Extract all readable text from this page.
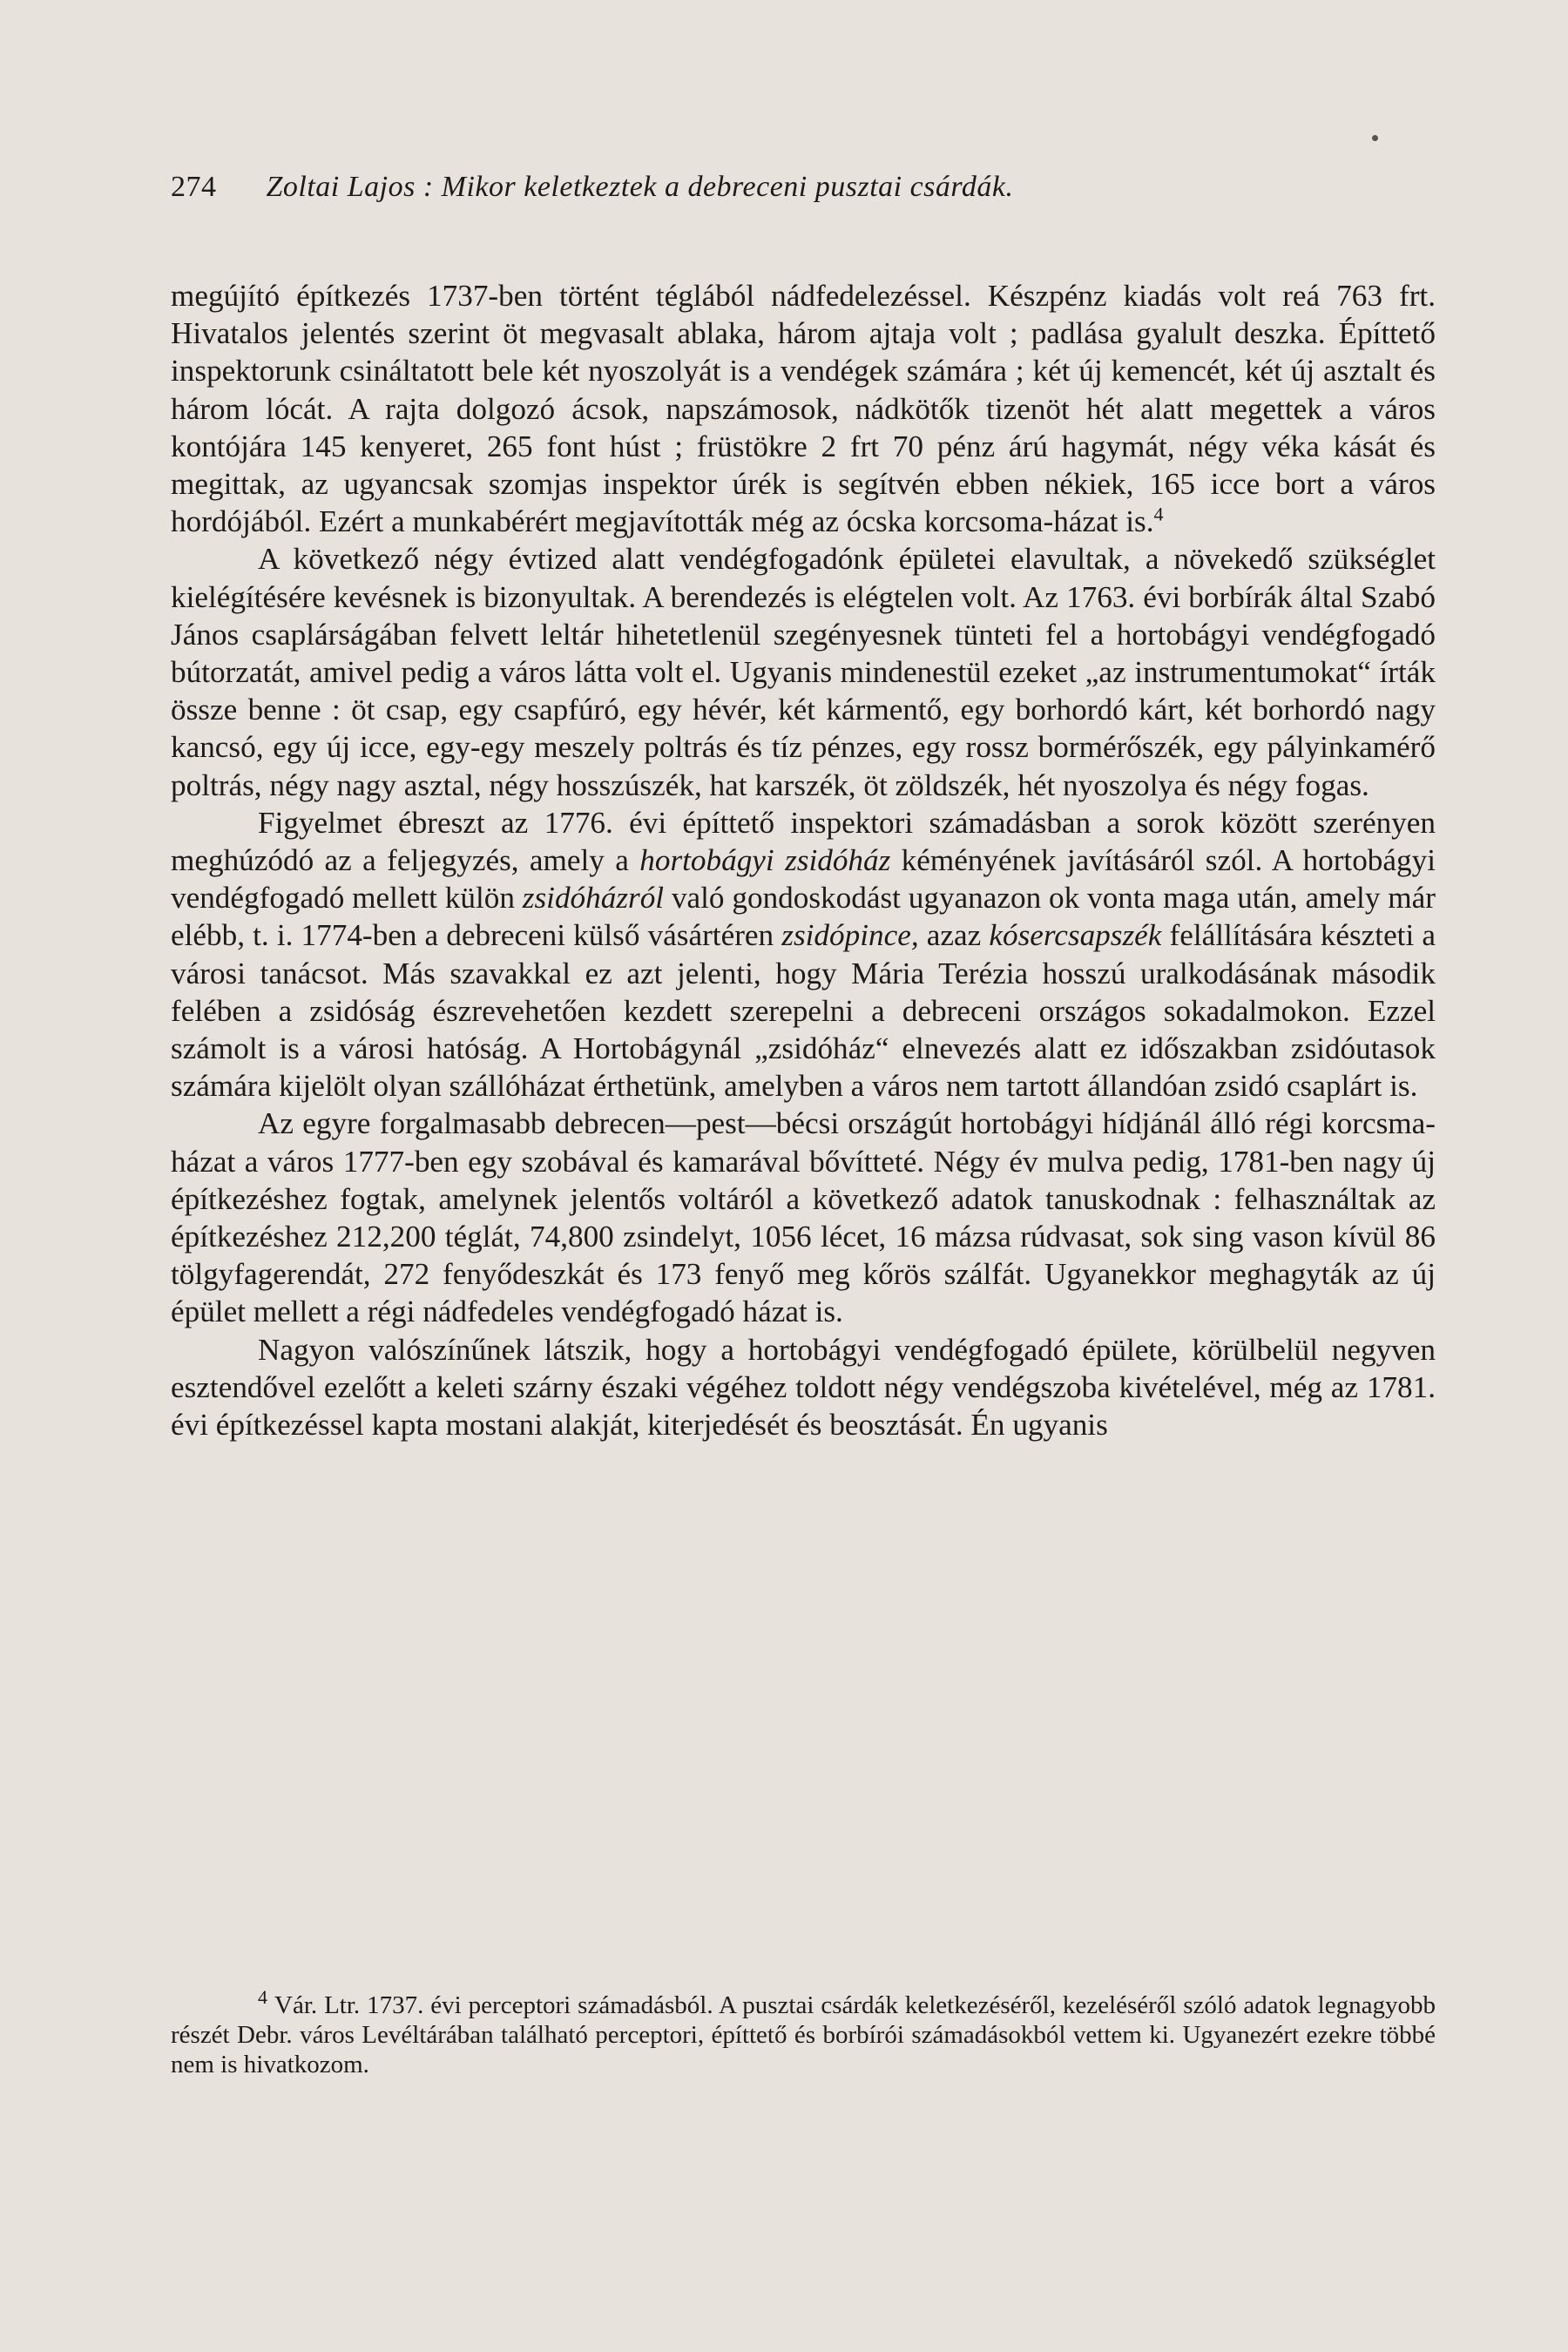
274 Zoltai Lajos : Mikor keletkeztek a debreceni pusztai csárdák.

megújító építkezés 1737-ben történt téglából nádfedelezéssel. Készpénz kiadás volt reá 763 frt. Hivatalos jelentés szerint öt megvasalt ablaka, három ajtaja volt ; padlása gyalult deszka. Építtető inspektorunk csináltatott bele két nyoszolyát is a vendégek számára ; két új kemencét, két új asztalt és három lócát. A rajta dolgozó ácsok, napszámosok, nádkötők tizenöt hét alatt megettek a város kontójára 145 kenyeret, 265 font húst ; früstökre 2 frt 70 pénz árú hagymát, négy véka kását és megittak, az ugyancsak szomjas inspektor úrék is segítvén ebben nékiek, 165 icce bort a város hordójából. Ezért a munkabérért megjavították még az ócska korcsoma-házat is.$^4$

A következő négy évtized alatt vendégfogadónk épületei elavultak, a növekedő szükséglet kielégítésére kevésnek is bizonyultak. A berendezés is elégtelen volt. Az 1763. évi borbírák által Szabó János csaplárságában felvett leltár hihetetlenül szegényesnek tünteti fel a hortobágyi vendégfogadó bútorzatát, amivel pedig a város látta volt el. Ugyanis mindenestül ezeket „az instrumentumokat“ írták össze benne : öt csap, egy csapfúró, egy hévér, két kármentő, egy borhordó kárt, két borhordó nagy kancsó, egy új icce, egy-egy meszely poltrás és tíz pénzes, egy rossz bormérőszék, egy pályinkamérő poltrás, négy nagy asztal, négy hosszúszék, hat karszék, öt zöldszék, hét nyoszolya és négy fogas.

Figyelmet ébreszt az 1776. évi építtető inspektori számadásban a sorok között szerényen meghúzódó az a feljegyzés, amely a hortobágyi zsidóház kéményének javításáról szól. A hortobágyi vendégfogadó mellett külön zsidóházról való gondoskodást ugyanazon ok vonta maga után, amely már elébb, t. i. 1774-ben a debreceni külső vásártéren zsidópince, azaz kósercsapszék felállítására készteti a városi tanácsot. Más szavakkal ez azt jelenti, hogy Mária Terézia hosszú uralkodásának második felében a zsidóság észrevehetően kezdett szerepelni a debreceni országos sokadalmokon. Ezzel számolt is a városi hatóság. A Hortobágynál „zsidóház“ elnevezés alatt ez időszakban zsidóutasok számára kijelölt olyan szállóházat érthetünk, amelyben a város nem tartott állandóan zsidó csaplárt is.

Az egyre forgalmasabb debrecen—pest—bécsi országút hortobágyi hídjánál álló régi korcsma-házat a város 1777-ben egy szobával és kamarával bővítteté. Négy év mulva pedig, 1781-ben nagy új építkezéshez fogtak, amelynek jelentős voltáról a következő adatok tanuskodnak : felhasználtak az építkezéshez 212,200 téglát, 74,800 zsindelyt, 1056 lécet, 16 mázsa rúdvasat, sok sing vason kívül 86 tölgyfagerendát, 272 fenyődeszkát és 173 fenyő meg kőrös szálfát. Ugyanekkor meghagyták az új épület mellett a régi nádfedeles vendégfogadó házat is.

Nagyon valószínűnek látszik, hogy a hortobágyi vendégfogadó épülete, körülbelül negyven esztendővel ezelőtt a keleti szárny északi végéhez toldott négy vendégszoba kivételével, még az 1781. évi építkezéssel kapta mostani alakját, kiterjedését és beosztását. Én ugyanis

$^4$ Vár. Ltr. 1737. évi perceptori számadásból. A pusztai csárdák keletkezéséről, kezeléséről szóló adatok legnagyobb részét Debr. város Levéltárában található perceptori, építtető és borbírói számadásokból vettem ki. Ugyanezért ezekre többé nem is hivatkozom.
